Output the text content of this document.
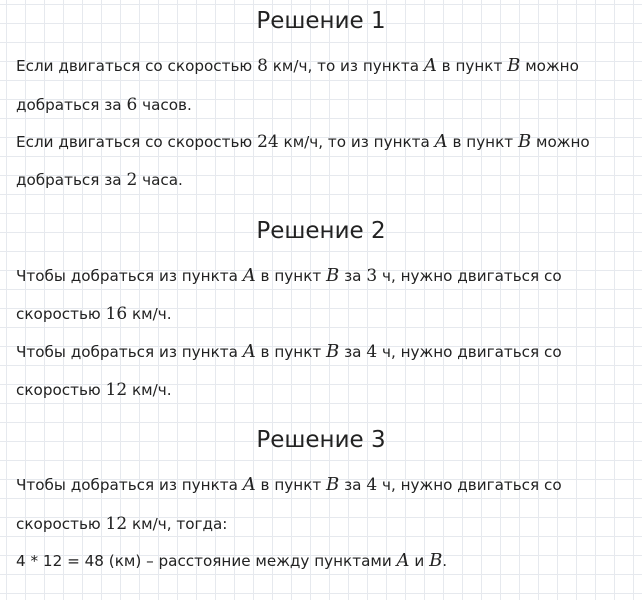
Решение 1

Если двигаться со скоростью 8 км/ч, то из пункта A в пункт B можно

добраться за 6 часов.

Если двигаться со скоростью 24 км/ч, то из пункта A в пункт B можно

добраться за 2 часа.

Решение 2

Чтобы добраться из пункта A в пункт B за 3 ч, нужно двигаться со

скоростью 16 км/ч.

Чтобы добраться из пункта A в пункт B за 4 ч, нужно двигаться со

скоростью 12 км/ч.

Решение 3

Чтобы добраться из пункта A в пункт B за 4 ч, нужно двигаться со

скоростью 12 км/ч, тогда:

4 * 12 = 48 (км) – расстояние между пунктами A и B.
